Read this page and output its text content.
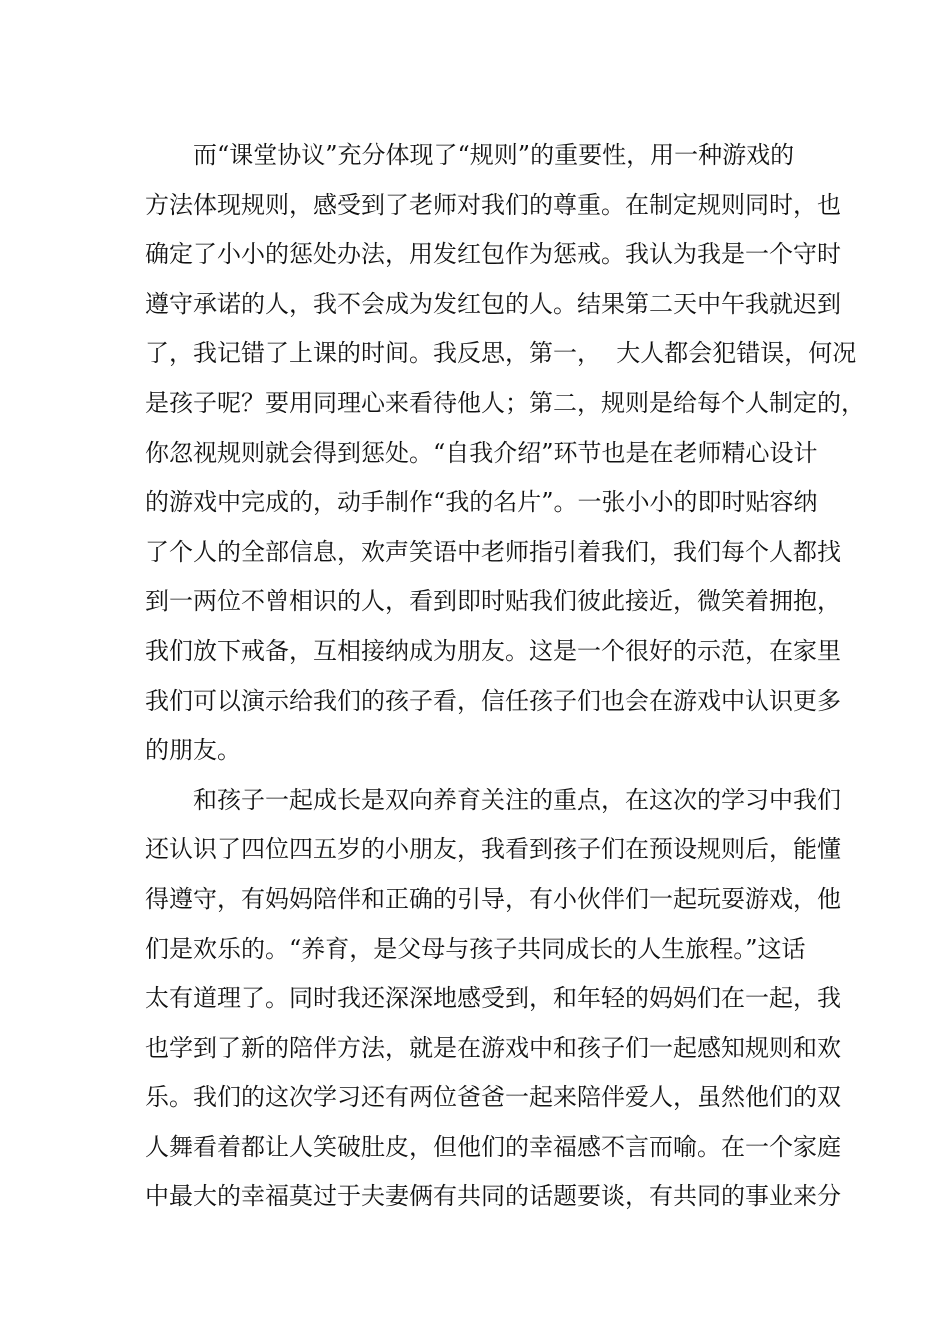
而“课堂协议”充分体现了“规则”的重要性，用一种游戏的
方法体现规则，感受到了老师对我们的尊重。在制定规则同时，也
确定了小小的惩处办法，用发红包作为惩戒。我认为我是一个守时
遵守承诺的人，我不会成为发红包的人。结果第二天中午我就迟到
了，我记错了上课的时间。我反思，第一，  大人都会犯错误，何况
是孩子呢？要用同理心来看待他人；第二，规则是给每个人制定的，
你忽视规则就会得到惩处。“自我介绍”环节也是在老师精心设计
的游戏中完成的，动手制作“我的名片”。一张小小的即时贴容纳
了个人的全部信息，欢声笑语中老师指引着我们，我们每个人都找
到一两位不曾相识的人，看到即时贴我们彼此接近，微笑着拥抱，
我们放下戒备，互相接纳成为朋友。这是一个很好的示范，在家里
我们可以演示给我们的孩子看，信任孩子们也会在游戏中认识更多
的朋友。
和孩子一起成长是双向养育关注的重点，在这次的学习中我们
还认识了四位四五岁的小朋友，我看到孩子们在预设规则后，能懂
得遵守，有妈妈陪伴和正确的引导，有小伙伴们一起玩耍游戏，他
们是欢乐的。“养育，是父母与孩子共同成长的人生旅程。”这话
太有道理了。同时我还深深地感受到，和年轻的妈妈们在一起，我
也学到了新的陪伴方法，就是在游戏中和孩子们一起感知规则和欢
乐。我们的这次学习还有两位爸爸一起来陪伴爱人，虽然他们的双
人舞看着都让人笑破肚皮，但他们的幸福感不言而喻。在一个家庭
中最大的幸福莫过于夫妻俩有共同的话题要谈，有共同的事业来分
